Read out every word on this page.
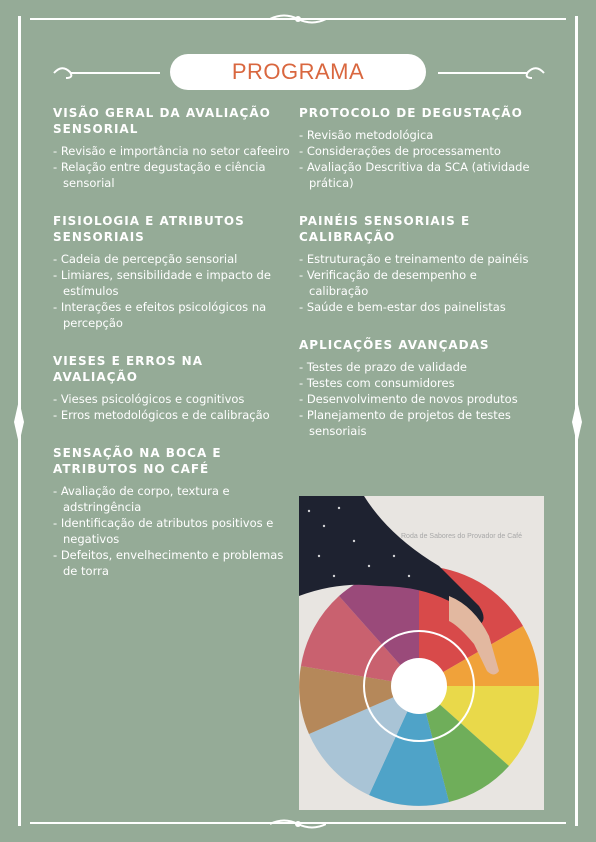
PROGRAMA
VISÃO GERAL DA AVALIAÇÃO SENSORIAL
- Revisão e importância no setor cafeeiro
- Relação entre degustação e ciência sensorial
FISIOLOGIA E ATRIBUTOS SENSORIAIS
- Cadeia de percepção sensorial
- Limiares, sensibilidade e impacto de estímulos
- Interações e efeitos psicológicos na percepção
VIESES E ERROS NA AVALIAÇÃO
- Vieses psicológicos e cognitivos
- Erros metodológicos e de calibração
SENSAÇÃO NA BOCA E ATRIBUTOS NO CAFÉ
- Avaliação de corpo, textura e adstringência
- Identificação de atributos positivos e negativos
- Defeitos, envelhecimento e problemas de torra
PROTOCOLO DE DEGUSTAÇÃO
- Revisão metodológica
- Considerações de processamento
- Avaliação Descritiva da SCA (atividade prática)
PAINÉIS SENSORIAIS E CALIBRAÇÃO
- Estruturação e treinamento de painéis
- Verificação de desempenho e calibração
- Saúde e bem-estar dos painelistas
APLICAÇÕES AVANÇADAS
- Testes de prazo de validade
- Testes com consumidores
- Desenvolvimento de novos produtos
- Planejamento de projetos de testes sensoriais
Roda de Sabores do Provador de Café
